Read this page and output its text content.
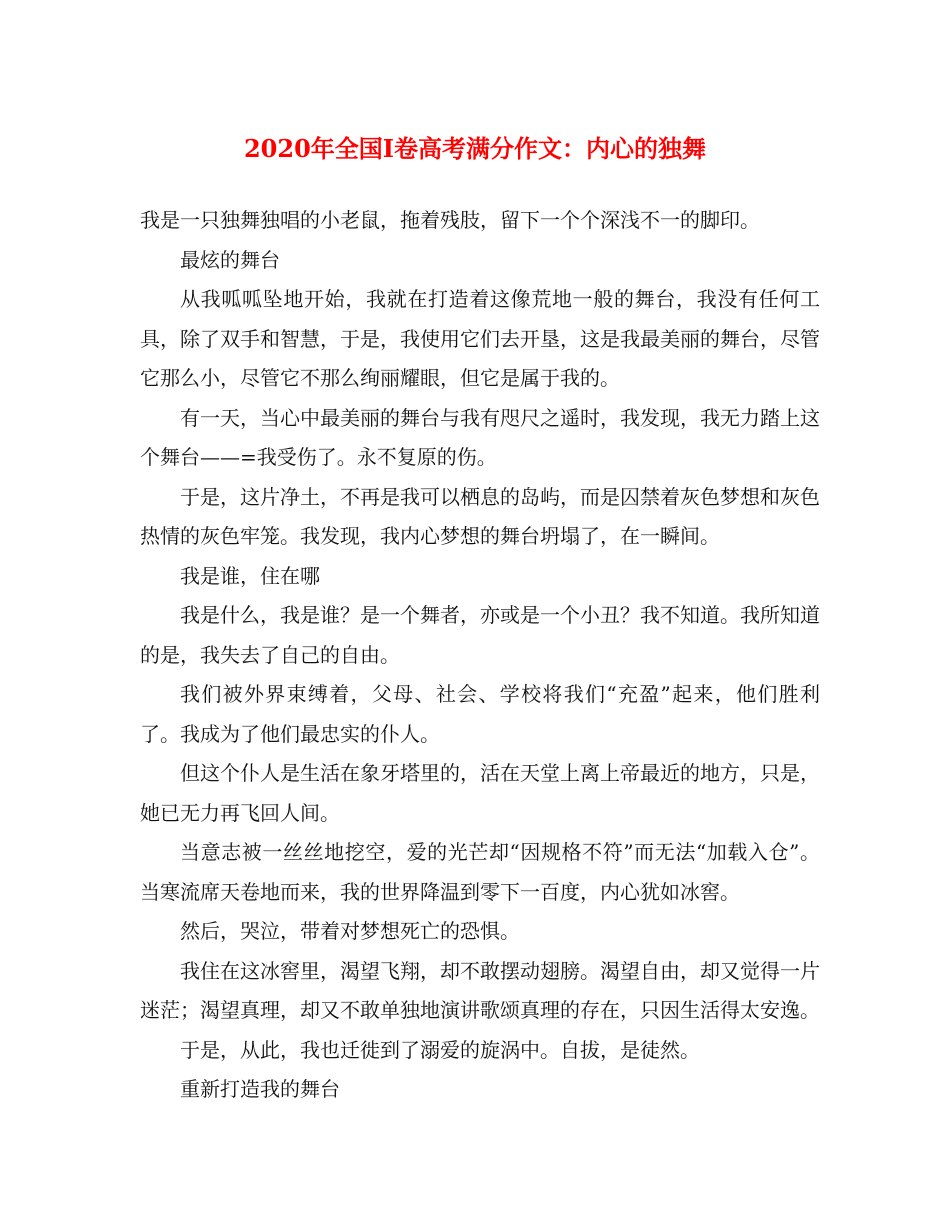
2020年全国Ⅰ卷高考满分作文：内心的独舞

我是一只独舞独唱的小老鼠，拖着残肢，留下一个个深浅不一的脚印。

最炫的舞台

从我呱呱坠地开始，我就在打造着这像荒地一般的舞台，我没有任何工具，除了双手和智慧，于是，我使用它们去开垦，这是我最美丽的舞台，尽管它那么小，尽管它不那么绚丽耀眼，但它是属于我的。

有一天，当心中最美丽的舞台与我有咫尺之遥时，我发现，我无力踏上这个舞台——=我受伤了。永不复原的伤。

于是，这片净土，不再是我可以栖息的岛屿，而是囚禁着灰色梦想和灰色热情的灰色牢笼。我发现，我内心梦想的舞台坍塌了，在一瞬间。

我是谁，住在哪

我是什么，我是谁？是一个舞者，亦或是一个小丑？我不知道。我所知道的是，我失去了自己的自由。

我们被外界束缚着，父母、社会、学校将我们“充盈”起来，他们胜利了。我成为了他们最忠实的仆人。

但这个仆人是生活在象牙塔里的，活在天堂上离上帝最近的地方，只是，她已无力再飞回人间。

当意志被一丝丝地挖空，爱的光芒却“因规格不符”而无法“加载入仓”。当寒流席天卷地而来，我的世界降温到零下一百度，内心犹如冰窖。

然后，哭泣，带着对梦想死亡的恐惧。

我住在这冰窖里，渴望飞翔，却不敢摆动翅膀。渴望自由，却又觉得一片迷茫；渴望真理，却又不敢单独地演讲歌颂真理的存在，只因生活得太安逸。

于是，从此，我也迁徙到了溺爱的旋涡中。自拔，是徒然。

重新打造我的舞台
